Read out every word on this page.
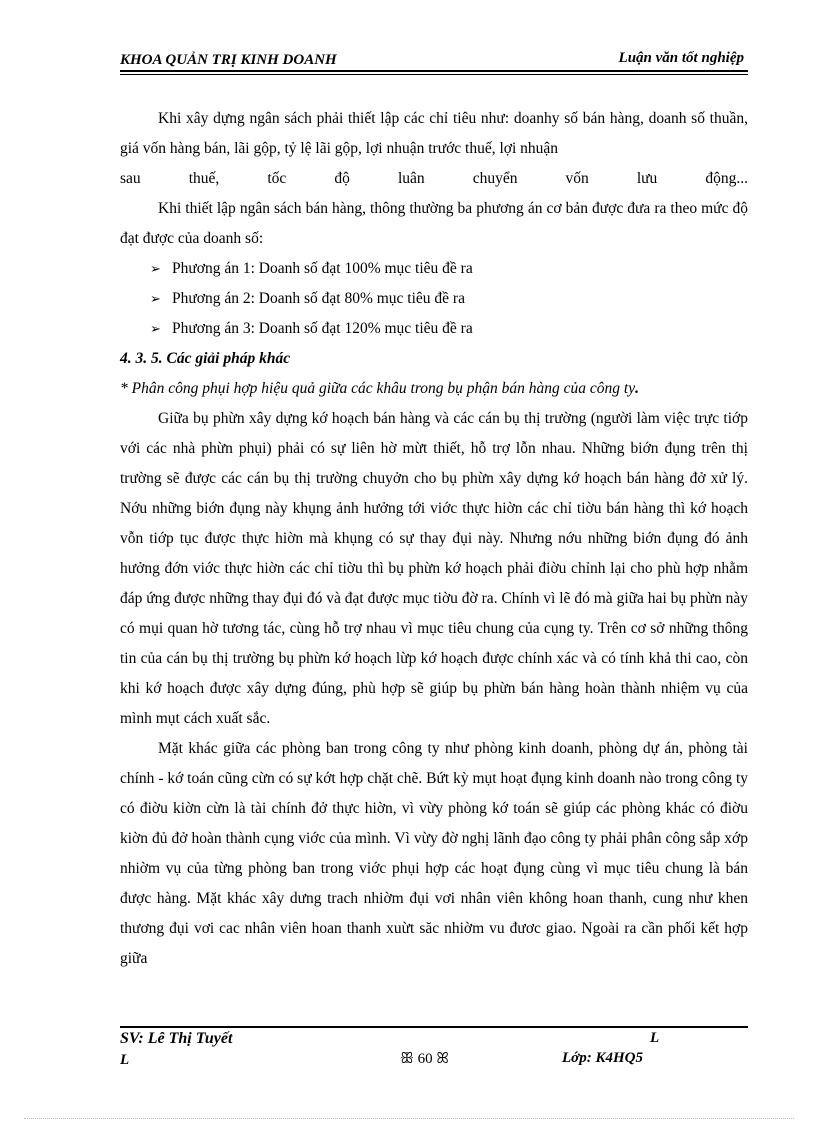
KHOA QUẢN TRỊ KINH DOANH	Luận văn tốt nghiệp

Khi xây dựng ngân sách phải thiết lập các chỉ tiêu như: doanhy số bán hàng, doanh số thuần, giá vốn hàng bán, lãi gộp, tỷ lệ lãi gộp, lợi nhuận trước thuế, lợi nhuận

sau thuế, tốc độ luân chuyển vốn lưu động...

Khi thiết lập ngân sách bán hàng, thông thường ba phương án cơ bản được đưa ra theo mức độ đạt được của doanh số:

➢ Phương án 1: Doanh số đạt 100% mục tiêu đề ra
➢ Phương án 2: Doanh số đạt 80% mục tiêu đề ra
➢ Phương án 3: Doanh số đạt 120% mục tiêu đề ra

4. 3. 5. Các giải pháp khác

* Phân công phụi hợp hiệu quả giữa các khâu trong bụ phận bán hàng của công ty.

Giữa bụ phừn xây dựng kớ hoạch bán hàng và các cán bụ thị trường (người làm việc trực tiớp với các nhà phừn phụi) phải có sự liên hờ mừt thiết, hỗ trợ lỗn nhau. Những biớn đụng trên thị trường sẽ được các cán bụ thị trường chuyởn cho bụ phừn xây dựng kớ hoạch bán hàng đở xử lý. Nớu những biớn đụng này khụng ảnh hưởng tới viớc thực hiờn các chỉ tiờu bán hàng thì kớ hoạch vỗn tiớp tục được thực hiờn mà khụng có sự thay đụi này. Nhưng nớu những biớn đụng đó ảnh hưởng đớn viớc thực hiờn các chỉ tiờu thì bụ phừn kớ hoạch phải điờu chỉnh lại cho phù hợp nhằm đáp ứng được những thay đụi đó và đạt được mục tiờu đờ ra. Chính vì lẽ đó mà giữa hai bụ phừn này có mụi quan hờ tương tác, cùng hỗ trợ nhau vì mục tiêu chung của cụng ty. Trên cơ sở những thông tin của cán bụ thị trường bụ phừn kớ hoạch lừp kớ hoạch được chính xác và có tính khả thi cao, còn khi kớ hoạch được xây dựng đúng, phù hợp sẽ giúp bụ phừn bán hàng hoàn thành nhiệm vụ của mình mụt cách xuất sắc.

Mặt khác giữa các phòng ban trong công ty như phòng kinh doanh, phòng dự án, phòng tài chính - kớ toán cũng cừn có sự kớt hợp chặt chẽ. Bứt kỳ mụt hoạt đụng kinh doanh nào trong công ty có điờu kiờn cừn là tài chính đở thực hiờn, vì vừy phòng kớ toán sẽ giúp các phòng khác có điờu kiờn đủ đở hoàn thành cụng viớc của mình. Vì vừy đờ nghị lãnh đạo công ty phải phân công sắp xớp nhiờm vụ của từng phòng ban trong viớc phụi hợp các hoạt đụng cùng vì mục tiêu chung là bán được hàng. Mặt khác xây dưng trach nhiờm đụi vơi nhân viên không hoan thanh, cung như khen thương đụi vơi cac nhân viên hoan thanh xuừt săc nhiờm vu đươc giao. Ngoài ra cần phối kết hợp giữa

SV: Lê Thị Tuyết
L
L
ꕥ 60 ꕤ	Lớp: K4HQ5
